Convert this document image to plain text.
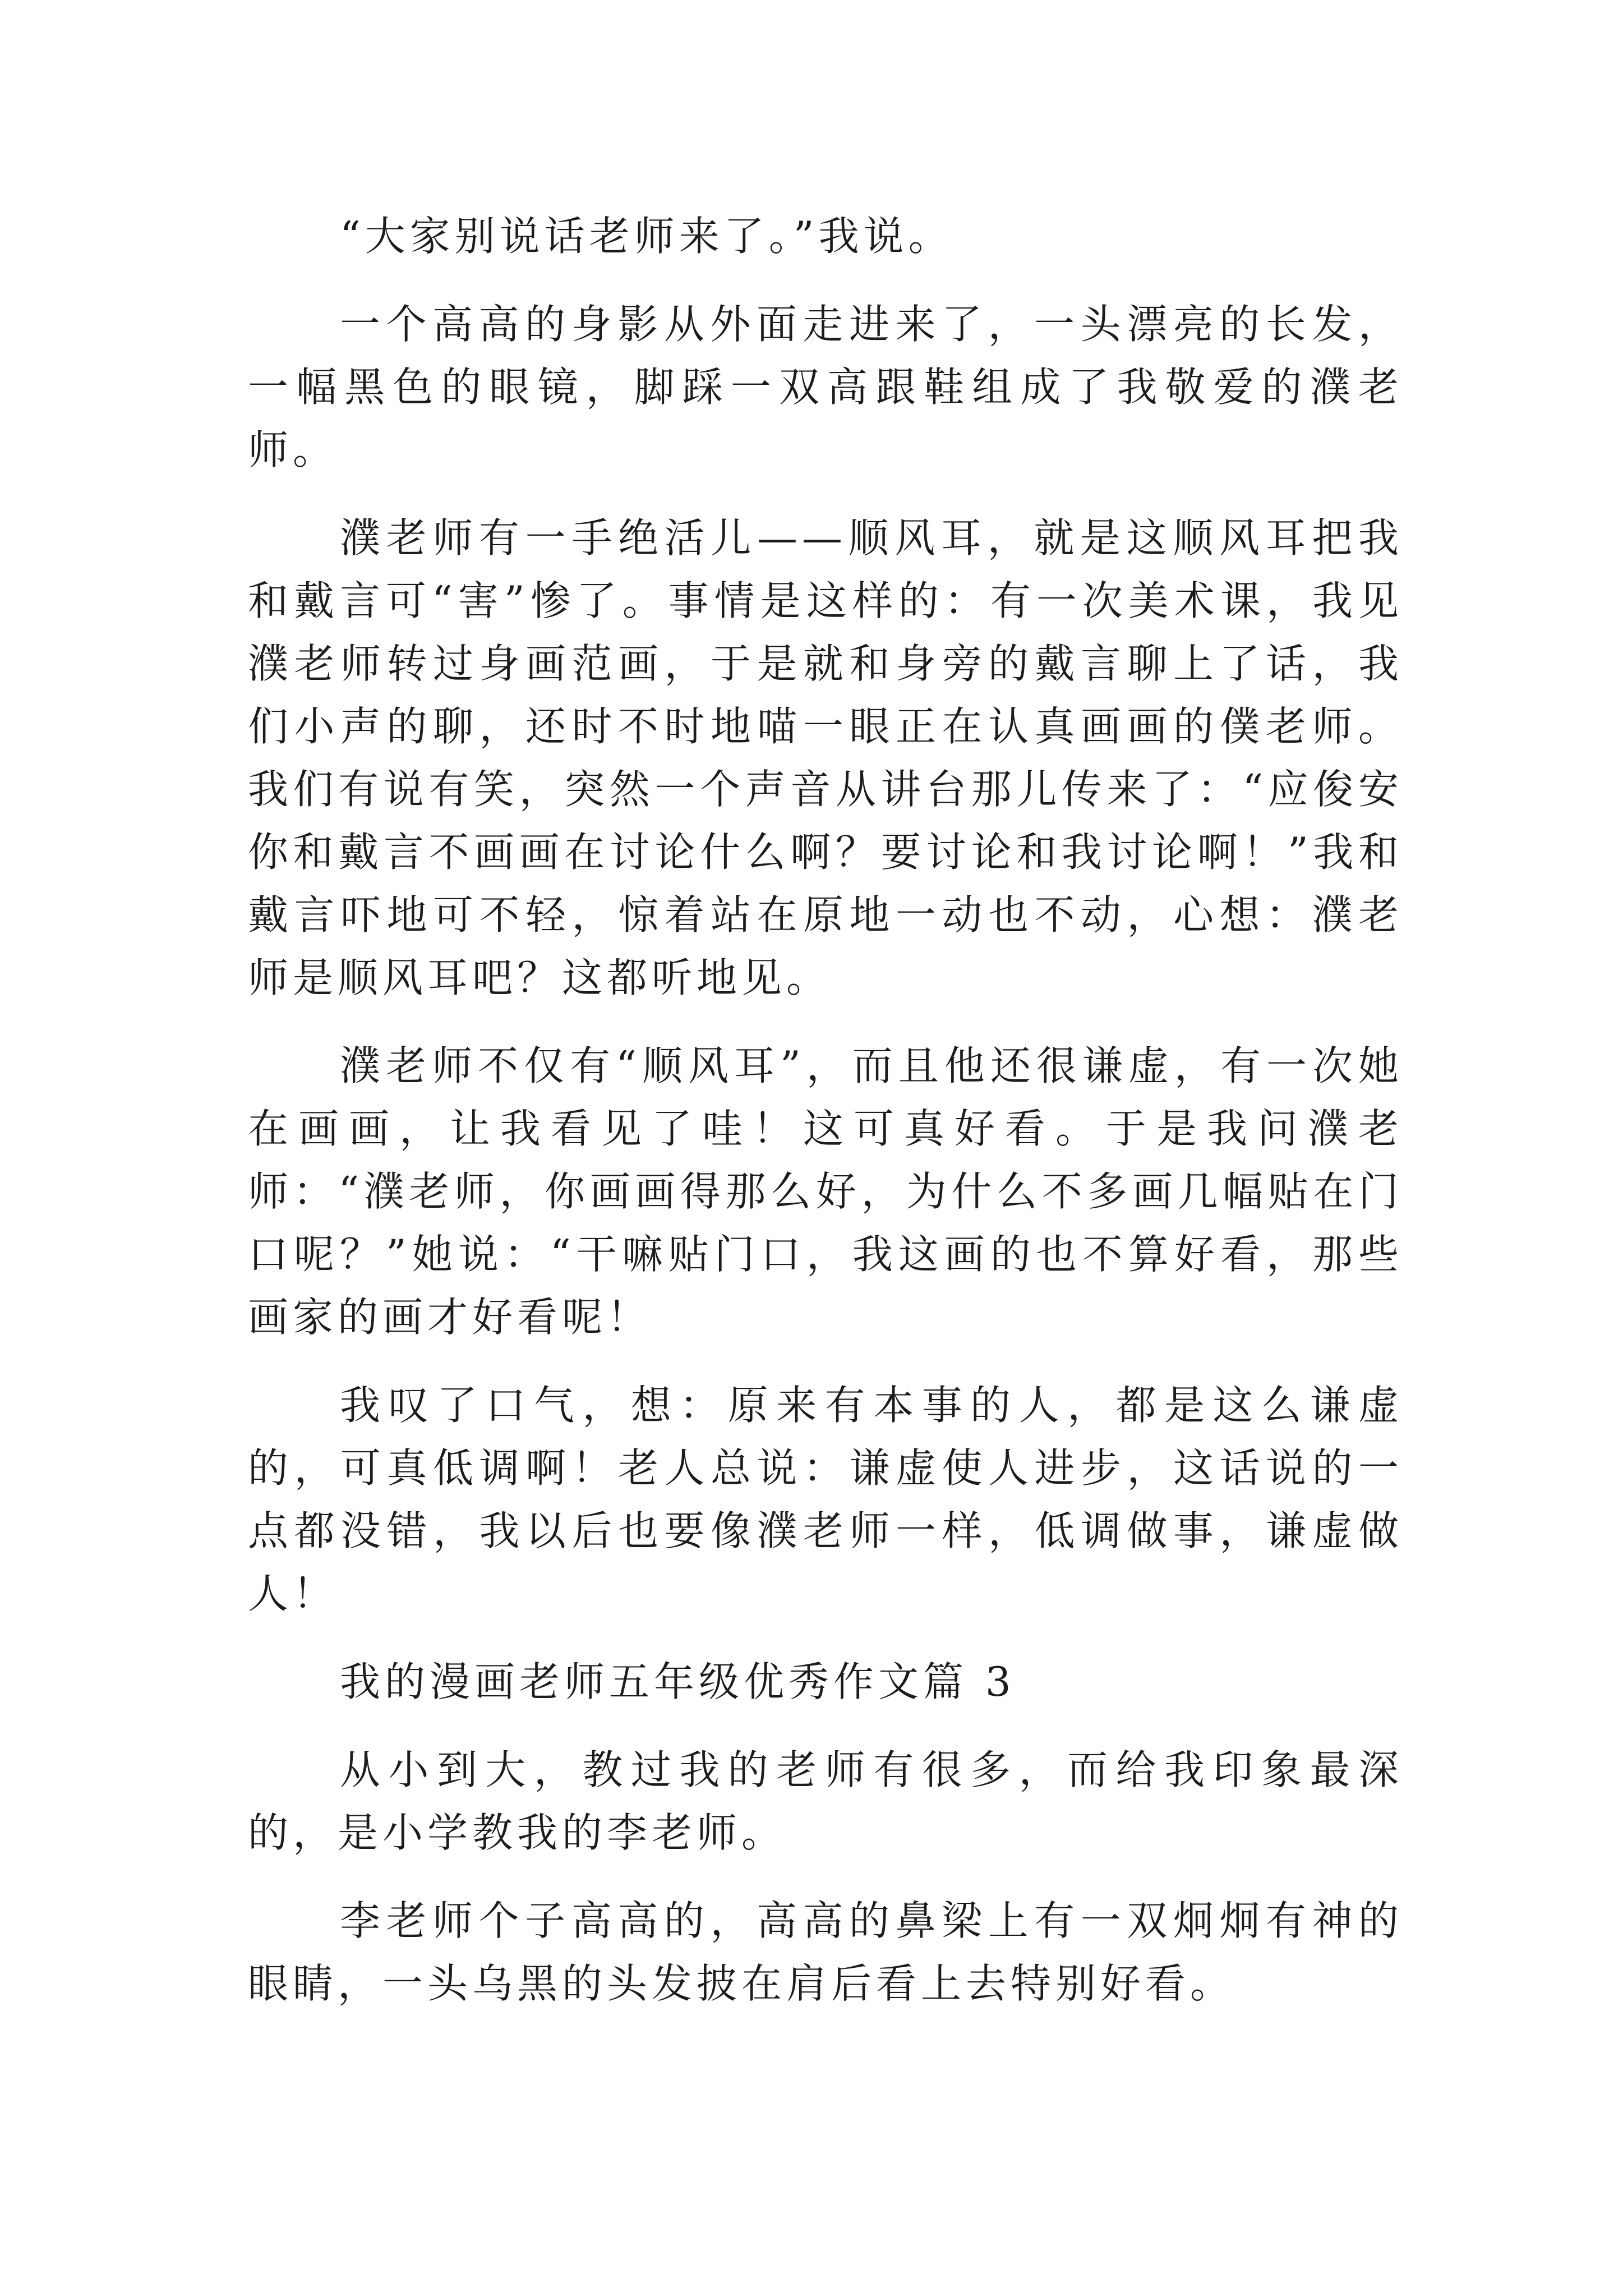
“大家别说话老师来了。”我说。

一个高高的身影从外面走进来了，一头漂亮的长发，一幅黑色的眼镜，脚踩一双高跟鞋组成了我敬爱的濮老师。

濮老师有一手绝活儿——顺风耳，就是这顺风耳把我和戴言可“害”惨了。事情是这样的：有一次美术课，我见濮老师转过身画范画，于是就和身旁的戴言聊上了话，我们小声的聊，还时不时地喵一眼正在认真画画的僕老师。我们有说有笑，突然一个声音从讲台那儿传来了：“应俊安你和戴言不画画在讨论什么啊？要讨论和我讨论啊！”我和戴言吓地可不轻，惊着站在原地一动也不动，心想：濮老师是顺风耳吧？这都听地见。

濮老师不仅有“顺风耳”，而且他还很谦虚，有一次她在画画，让我看见了哇！这可真好看。于是我问濮老师：“濮老师，你画画得那么好，为什么不多画几幅贴在门口呢？”她说：“干嘛贴门口，我这画的也不算好看，那些画家的画才好看呢！

我叹了口气，想：原来有本事的人，都是这么谦虚的，可真低调啊！老人总说：谦虚使人进步，这话说的一点都没错，我以后也要像濮老师一样，低调做事，谦虚做人！

我的漫画老师五年级优秀作文篇 3

从小到大，教过我的老师有很多，而给我印象最深的，是小学教我的李老师。

李老师个子高高的，高高的鼻梁上有一双炯炯有神的眼睛，一头乌黑的头发披在肩后看上去特别好看。
